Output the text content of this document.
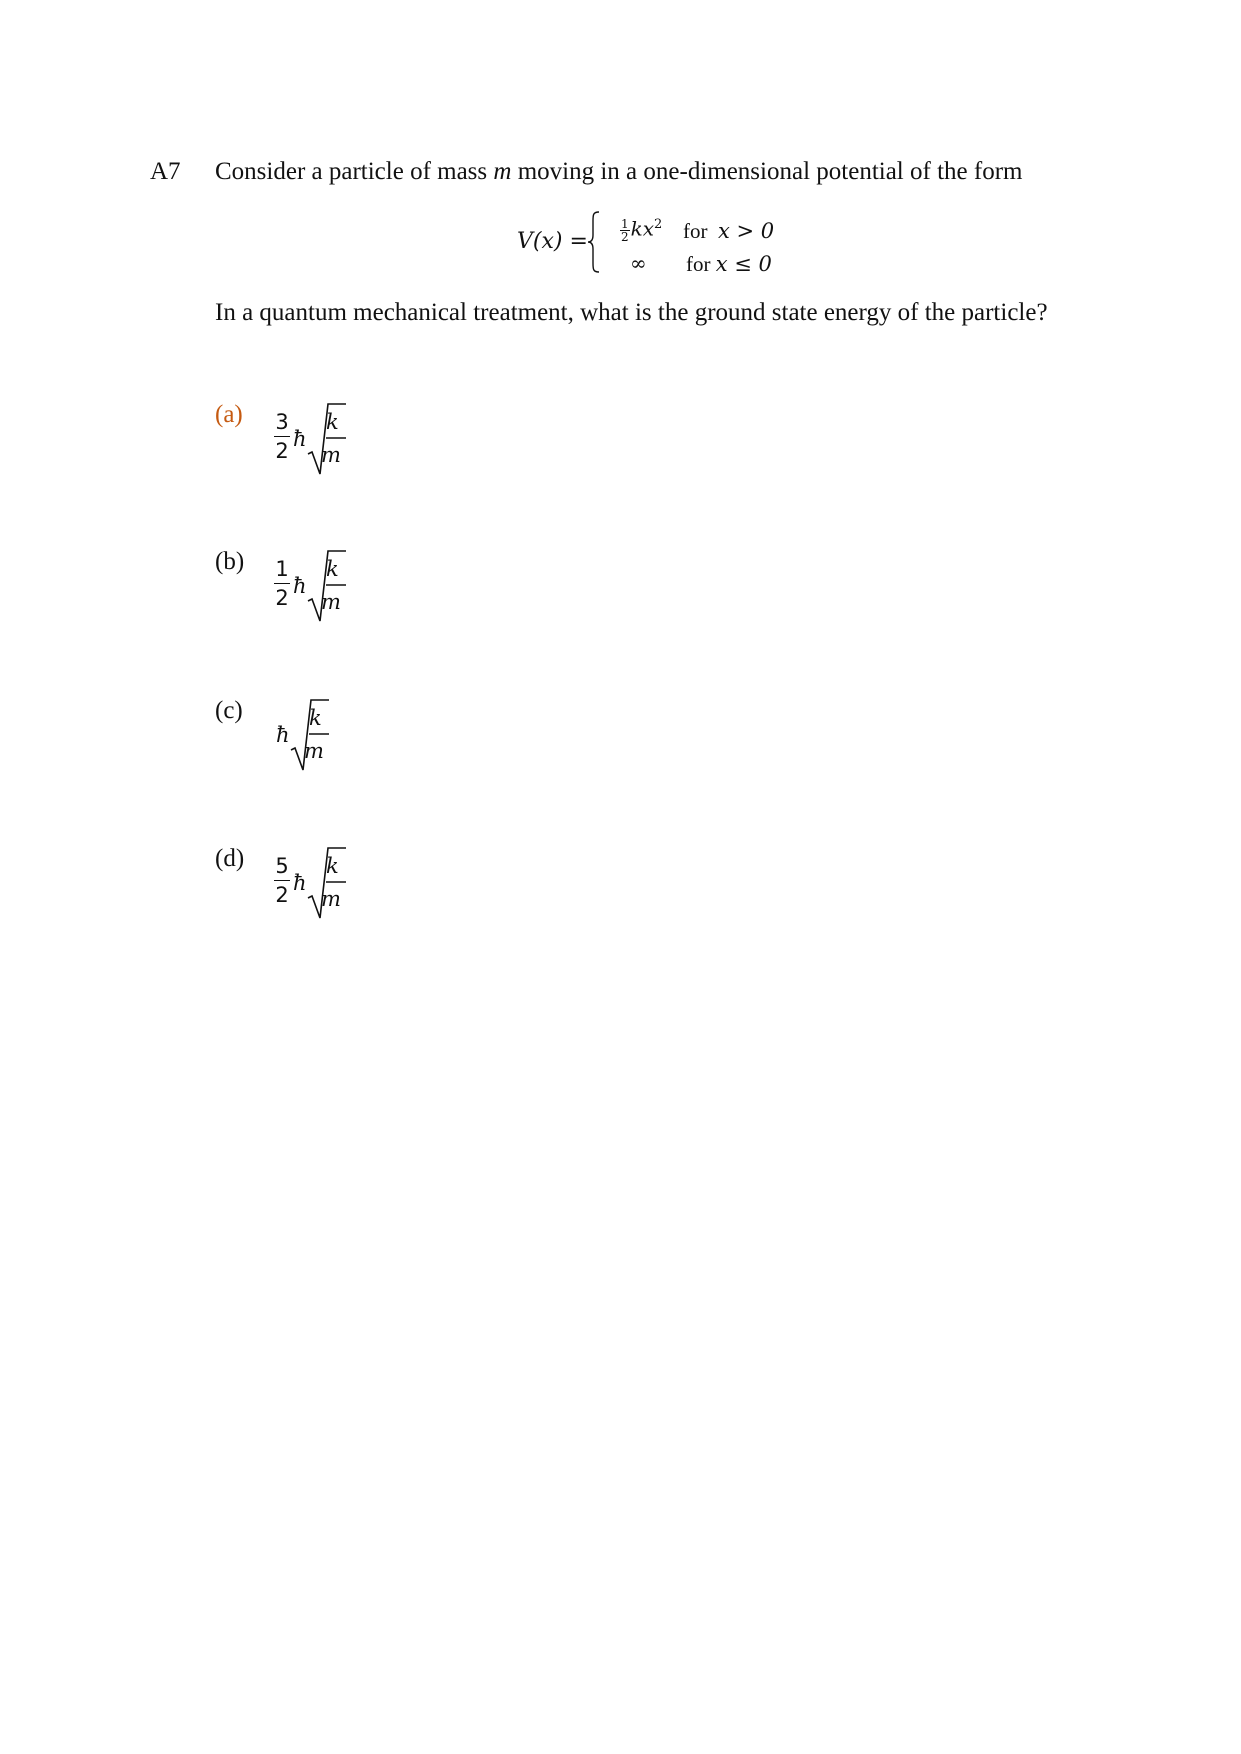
A7 Consider a particle of mass m moving in a one-dimensional potential of the form
V(x) =	$\frac{1}{2} kx^2$
∞
for x > 0
for x ≤ 0
In a quantum mechanical treatment, what is the ground state energy of the particle?
(a) 3
2 ħ
k
m
(b) 1
2 ħ
k
m
(c)
ħ
k
m
(d) 5
2 ħ
k
m
